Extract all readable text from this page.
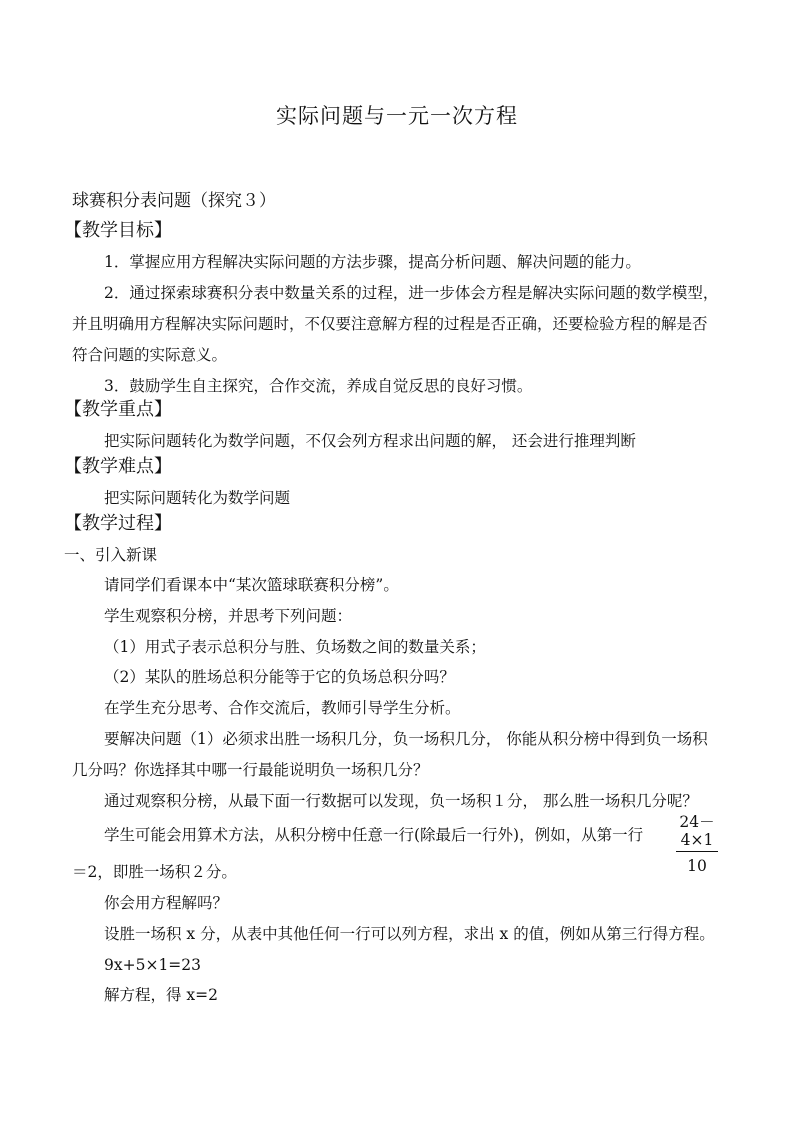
实际问题与一元一次方程
球赛积分表问题（探究３）
【教学目标】
1．掌握应用方程解决实际问题的方法步骤，提高分析问题、解决问题的能力。
2．通过探索球赛积分表中数量关系的过程，进一步体会方程是解决实际问题的数学模型，
并且明确用方程解决实际问题时，不仅要注意解方程的过程是否正确，还要检验方程的解是否
符合问题的实际意义。
3．鼓励学生自主探究，合作交流，养成自觉反思的良好习惯。
【教学重点】
把实际问题转化为数学问题，不仅会列方程求出问题的解， 还会进行推理判断
【教学难点】
把实际问题转化为数学问题
【教学过程】
一、引入新课
请同学们看课本中“某次篮球联赛积分榜”。
学生观察积分榜，并思考下列问题：
（1）用式子表示总积分与胜、负场数之间的数量关系；
（2）某队的胜场总积分能等于它的负场总积分吗？
在学生充分思考、合作交流后，教师引导学生分析。
要解决问题（1）必须求出胜一场积几分，负一场积几分， 你能从积分榜中得到负一场积
几分吗？你选择其中哪一行最能说明负一场积几分？
通过观察积分榜，从最下面一行数据可以发现，负一场积１分， 那么胜一场积几分呢？
学生可能会用算术方法，从积分榜中任意一行(除最后一行外)，例如，从第一行 $\frac{24-4\times 1}{10}$
＝2，即胜一场积２分。
你会用方程解吗？
设胜一场积 x 分，从表中其他任何一行可以列方程，求出 x 的值，例如从第三行得方程。
9x+5×1=23
解方程，得 x=2
